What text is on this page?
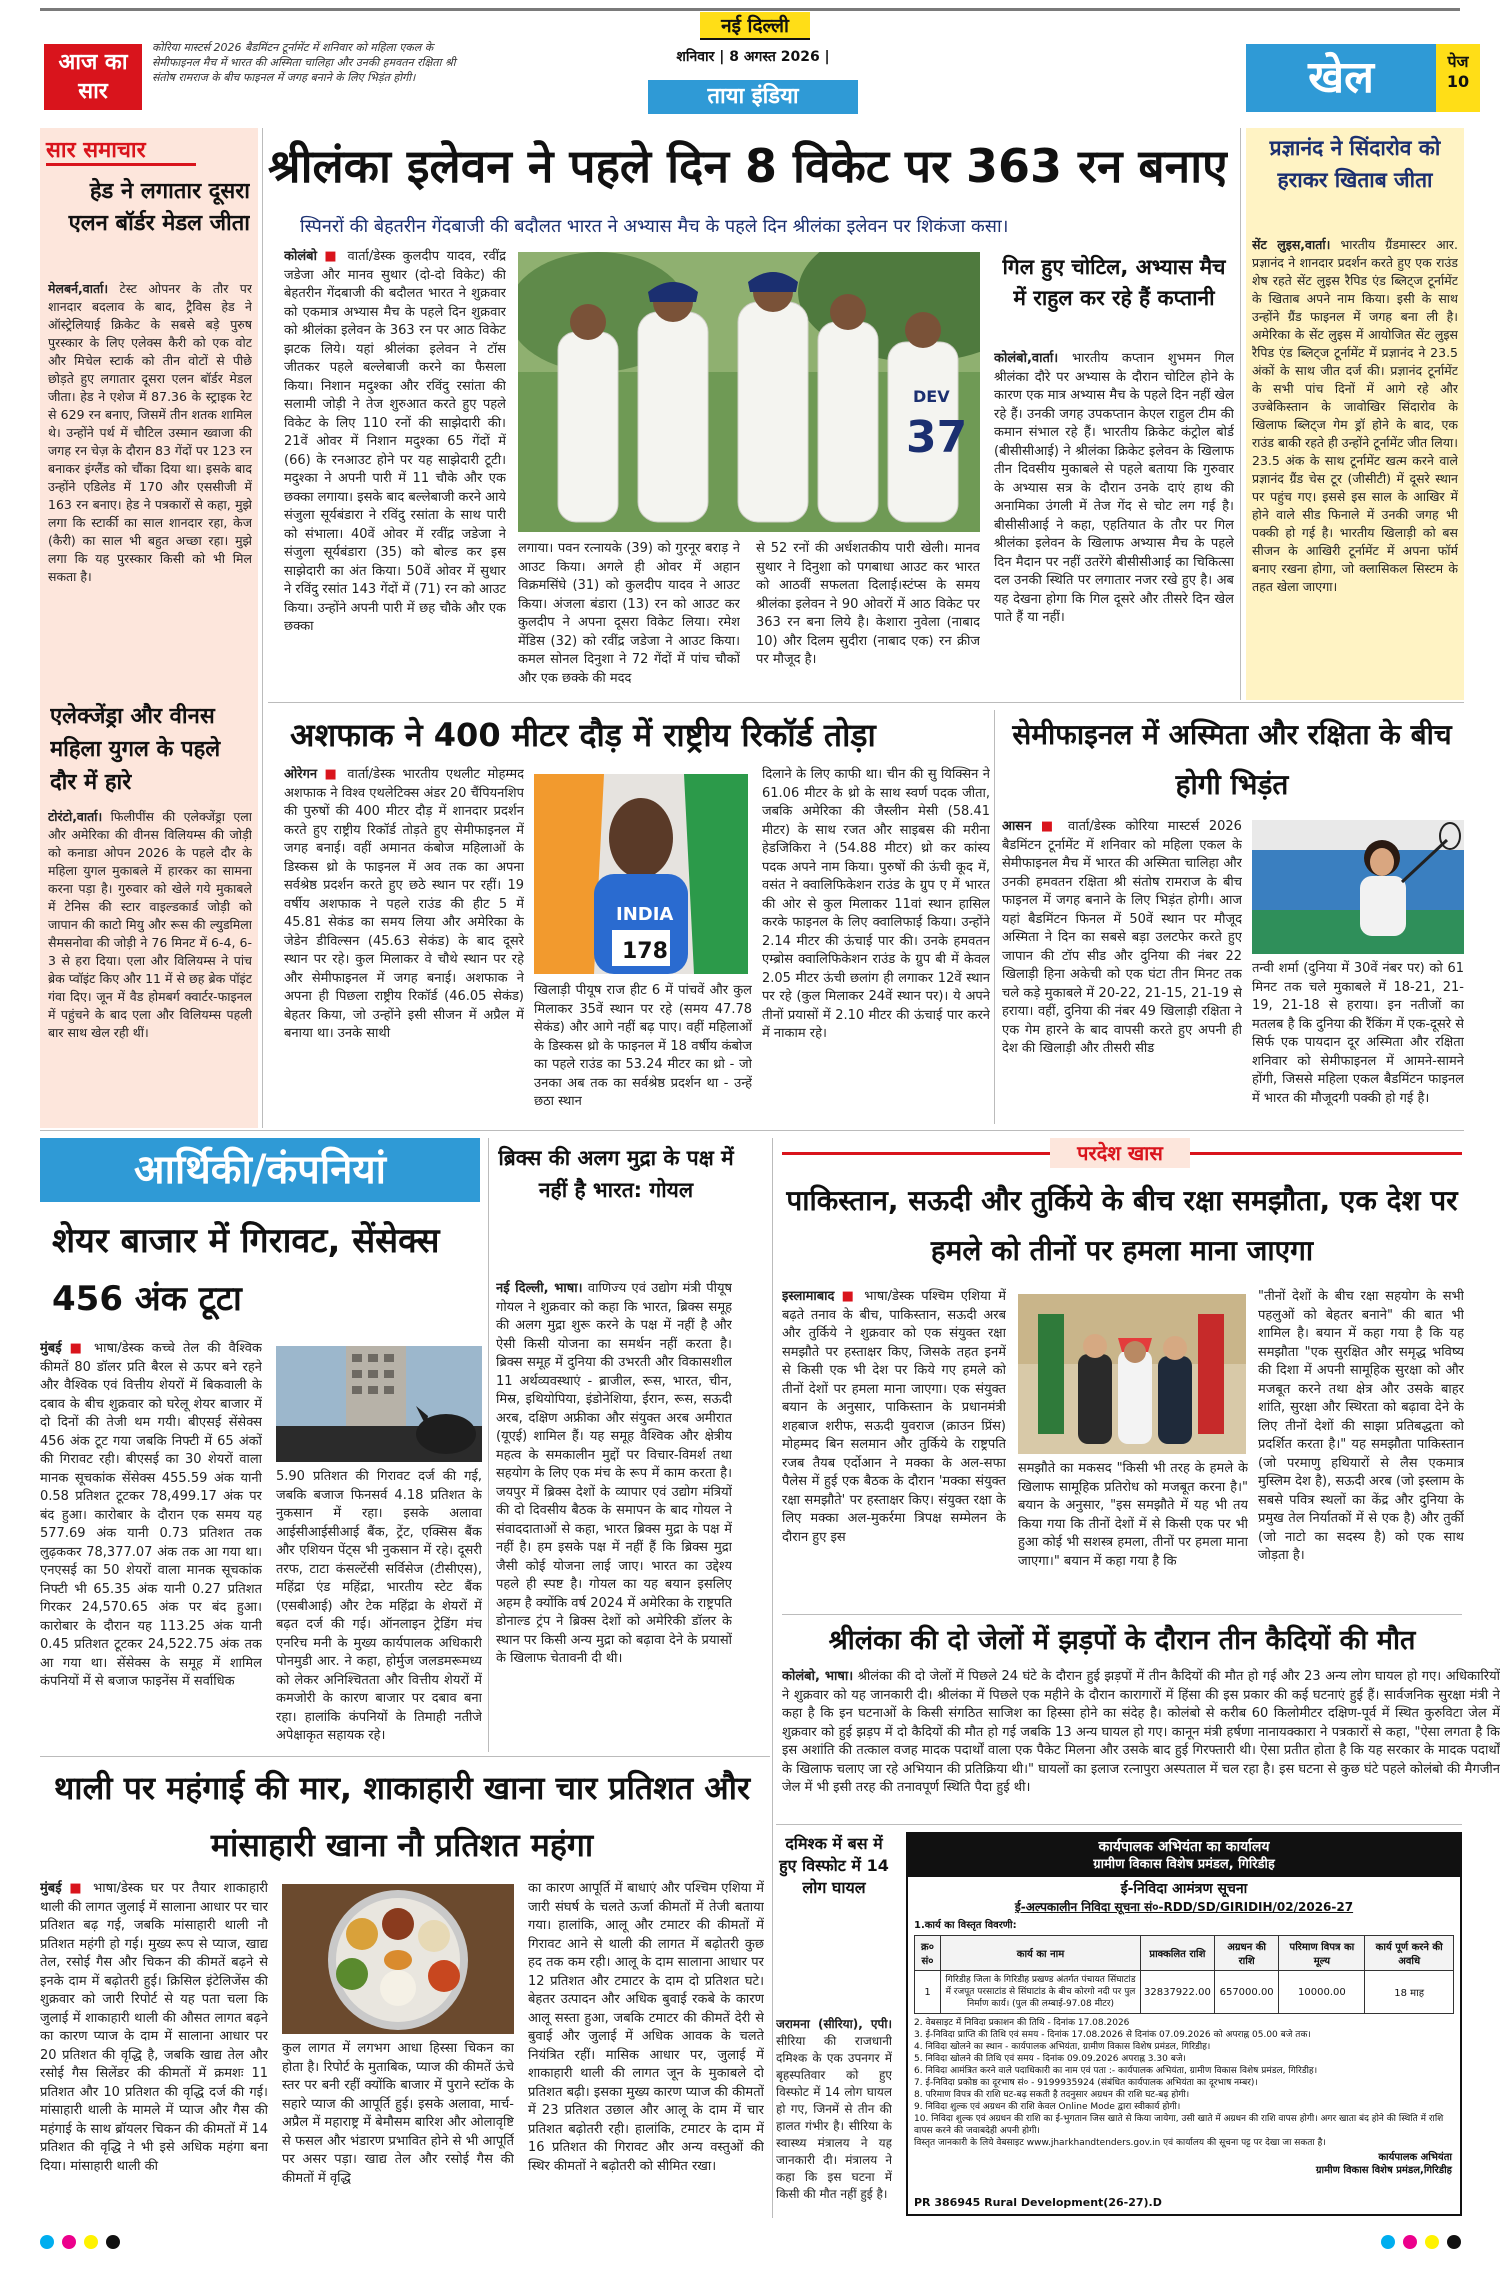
आज का सार
कोरिया मास्टर्स 2026 बैडमिंटन टूर्नामेंट में शनिवार को महिला एकल के सेमीफाइनल मैच में भारत की अस्मिता चालिहा और उनकी हमवतन रक्षिता श्री संतोष रामराज के बीच फाइनल में जगह बनाने के लिए भिड़ंत होगी।
नई दिल्ली
शनिवार | 8 अगस्त 2026 |
ताया इंडिया	खेल	पेज
10
सार समाचार
हेड ने लगातार दूसरा एलन बॉर्डर मेडल जीता
मेलबर्न,वार्ता। टेस्ट ओपनर के तौर पर शानदार बदलाव के बाद, ट्रैविस हेड ने ऑस्ट्रेलियाई क्रिकेट के सबसे बड़े पुरुष पुरस्कार के लिए एलेक्स कैरी को एक वोट और मिचेल स्टार्क को तीन वोटों से पीछे छोड़ते हुए लगातार दूसरा एलन बॉर्डर मेडल जीता। हेड ने एशेज में 87.36 के स्ट्राइक रेट से 629 रन बनाए, जिसमें तीन शतक शामिल थे। उन्होंने पर्थ में चौटिल उस्मान ख्वाजा की जगह रन चेज़ के दौरान 83 गेंदों पर 123 रन बनाकर इंग्लैंड को चौंका दिया था। इसके बाद उन्होंने एडिलेड में 170 और एससीजी में 163 रन बनाए। हेड ने पत्रकारों से कहा, मुझे लगा कि स्टार्की का साल शानदार रहा, केज (कैरी) का साल भी बहुत अच्छा रहा। मुझे लगा कि यह पुरस्कार किसी को भी मिल सकता है।
एलेक्जेंड्रा और वीनस महिला युगल के पहले दौर में हारे
टोरंटो,वार्ता। फिलीपींस की एलेक्जेंड्रा एला और अमेरिका की वीनस विलियम्स की जोड़ी को कनाडा ओपन 2026 के पहले दौर के महिला युगल मुकाबले में हारकर का सामना करना पड़ा है। गुरुवार को खेले गये मुकाबले में टेनिस की स्टार वाइल्डकार्ड जोड़ी को जापान की काटो मियु और रूस की ल्युडमिला सैमसनोवा की जोड़ी ने 76 मिनट में 6-4, 6-3 से हरा दिया। एला और विलियम्स ने पांच ब्रेक प्वॉइंट किए और 11 में से छह ब्रेक पॉइंट गंवा दिए। जून में वैड होमबर्ग क्वार्टर-फाइनल में पहुंचने के बाद एला और विलियम्स पहली बार साथ खेल रही थीं।
श्रीलंका इलेवन ने पहले दिन 8 विकेट पर 363 रन बनाए
स्पिनरों की बेहतरीन गेंदबाजी की बदौलत भारत ने अभ्यास मैच के पहले दिन श्रीलंका इलेवन पर शिकंजा कसा।
कोलंबो ■ वार्ता/डेस्क कुलदीप यादव, रवींद्र जडेजा और मानव सुथार (दो-दो विकेट) की बेहतरीन गेंदबाजी की बदौलत भारत ने शुक्रवार को एकमात्र अभ्यास मैच के पहले दिन शुक्रवार को श्रीलंका इलेवन के 363 रन पर आठ विकेट झटक लिये। यहां श्रीलंका इलेवन ने टॉस जीतकर पहले बल्लेबाजी करने का फैसला किया। निशान मदुश्का और रविंदु रसांता की सलामी जोड़ी ने तेज शुरुआत करते हुए पहले विकेट के लिए 110 रनों की साझेदारी की। 21वें ओवर में निशान मदुश्का 65 गेंदों में (66) के रनआउट होने पर यह साझेदारी टूटी। मदुश्का ने अपनी पारी में 11 चौके और एक छक्का लगाया। इसके बाद बल्लेबाजी करने आये संजुला सूर्यबंडारा ने रविंदु रसांता के साथ पारी को संभाला। 40वें ओवर में रवींद्र जडेजा ने संजुला सूर्यबंडारा (35) को बोल्ड कर इस साझेदारी का अंत किया। 50वें ओवर में सुथार ने रविंदु रसांत 143 गेंदों में (71) रन को आउट किया। उन्होंने अपनी पारी में छह चौके और एक छक्का
DEV
37
लगाया। पवन रत्नायके (39) को गुरनूर बराड़ ने आउट किया। अगले ही ओवर में अहान विक्रमसिंघे (31) को कुलदीप यादव ने आउट किया। अंजला बंडारा (13) रन को आउट कर कुलदीप ने अपना दूसरा विकेट लिया। रमेश मेंडिस (32) को रवींद्र जडेजा ने आउट किया। कमल सोनल दिनुशा ने 72 गेंदों में पांच चौकों और एक छक्के की मदद
से 52 रनों की अर्धशतकीय पारी खेली। मानव सुथार ने दिनुशा को पगबाधा आउट कर भारत को आठवीं सफलता दिलाई।स्टंप्स के समय श्रीलंका इलेवन ने 90 ओवरों में आठ विकेट पर 363 रन बना लिये है। केशारा नुवेला (नाबाद 10) और दिलम सुदीरा (नाबाद एक) रन क्रीज पर मौजूद है।
गिल हुए चोटिल, अभ्यास मैच में राहुल कर रहे हैं कप्तानी
कोलंबो,वार्ता। भारतीय कप्तान शुभमन गिल श्रीलंका दौरे पर अभ्यास के दौरान चोटिल होने के कारण एक मात्र अभ्यास मैच के पहले दिन नहीं खेल रहे हैं। उनकी जगह उपकप्तान केएल राहुल टीम की कमान संभाल रहे हैं। भारतीय क्रिकेट कंट्रोल बोर्ड (बीसीसीआई) ने श्रीलंका क्रिकेट इलेवन के खिलाफ तीन दिवसीय मुकाबले से पहले बताया कि गुरुवार के अभ्यास सत्र के दौरान उनके दाएं हाथ की अनामिका उंगली में तेज गेंद से चोट लग गई है। बीसीसीआई ने कहा, एहतियात के तौर पर गिल श्रीलंका इलेवन के खिलाफ अभ्यास मैच के पहले दिन मैदान पर नहीं उतरेंगे बीसीसीआई का चिकित्सा दल उनकी स्थिति पर लगातार नजर रखे हुए है। अब यह देखना होगा कि गिल दूसरे और तीसरे दिन खेल पाते हैं या नहीं।
प्रज्ञानंद ने सिंदारोव को हराकर खिताब जीता
सेंट लुइस,वार्ता। भारतीय ग्रैंडमास्टर आर. प्रज्ञानंद ने शानदार प्रदर्शन करते हुए एक राउंड शेष रहते सेंट लुइस रैपिड एंड ब्लिट्ज टूर्नामेंट के खिताब अपने नाम किया। इसी के साथ उन्होंने ग्रैंड फाइनल में जगह बना ली है। अमेरिका के सेंट लुइस में आयोजित सेंट लुइस रैपिड एंड ब्लिट्ज टूर्नामेंट में प्रज्ञानंद ने 23.5 अंकों के साथ जीत दर्ज की। प्रज्ञानंद टूर्नामेंट के सभी पांच दिनों में आगे रहे और उज्बेकिस्तान के जावोखिर सिंदारोव के खिलाफ ब्लिट्ज गेम ड्रॉ होने के बाद, एक राउंड बाकी रहते ही उन्होंने टूर्नामेंट जीत लिया। 23.5 अंक के साथ टूर्नामेंट खत्म करने वाले प्रज्ञानंद ग्रैंड चेस टूर (जीसीटी) में दूसरे स्थान पर पहुंच गए। इससे इस साल के आखिर में होने वाले सीड फिनाले में उनकी जगह भी पक्की हो गई है। भारतीय खिलाड़ी को बस सीजन के आखिरी टूर्नामेंट में अपना फॉर्म बनाए रखना होगा, जो क्लासिकल सिस्टम के तहत खेला जाएगा।
अशफाक ने 400 मीटर दौड़ में राष्ट्रीय रिकॉर्ड तोड़ा
ओरेगन ■ वार्ता/डेस्क भारतीय एथलीट मोहम्मद अशफाक ने विश्व एथलेटिक्स अंडर 20 चैंपियनशिप की पुरुषों की 400 मीटर दौड़ में शानदार प्रदर्शन करते हुए राष्ट्रीय रिकॉर्ड तोड़ते हुए सेमीफाइनल में जगह बनाई। वहीं अमानत कंबोज महिलाओं के डिस्कस थ्रो के फाइनल में अव तक का अपना सर्वश्रेष्ठ प्रदर्शन करते हुए छठे स्थान पर रहीं। 19 वर्षीय अशफाक ने पहले राउंड की हीट 5 में 45.81 सेकंड का समय लिया और अमेरिका के जेडेन डीविल्सन (45.63 सेकंड) के बाद दूसरे स्थान पर रहे। कुल मिलाकर वे चौथे स्थान पर रहे और सेमीफाइनल में जगह बनाई। अशफाक ने अपना ही पिछला राष्ट्रीय रिकॉर्ड (46.05 सेकंड) बेहतर किया, जो उन्होंने इसी सीजन में अप्रैल में बनाया था। उनके साथी
INDIA
178
खिलाड़ी पीयूष राज हीट 6 में पांचवें और कुल मिलाकर 35वें स्थान पर रहे (समय 47.78 सेकंड) और आगे नहीं बढ़ पाए। वहीं महिलाओं के डिस्कस थ्रो के फाइनल में 18 वर्षीय कंबोज का पहले राउंड का 53.24 मीटर का थ्रो - जो उनका अब तक का सर्वश्रेष्ठ प्रदर्शन था - उन्हें छठा स्थान
दिलाने के लिए काफी था। चीन की सु यिक्सिन ने 61.06 मीटर के थ्रो के साथ स्वर्ण पदक जीता, जबकि अमेरिका की जैस्लीन मेसी (58.41 मीटर) के साथ रजत और साइबस की मरीना हेडजिकिरा ने (54.88 मीटर) थ्रो कर कांस्य पदक अपने नाम किया। पुरुषों की ऊंची कूद में, वसंत ने क्वालिफिकेशन राउंड के ग्रुप ए में भारत की ओर से कुल मिलाकर 11वां स्थान हासिल करके फाइनल के लिए क्वालिफाई किया। उन्होंने 2.14 मीटर की ऊंचाई पार की। उनके हमवतन एम्ब्रोस क्वालिफिकेशन राउंड के ग्रुप बी में केवल 2.05 मीटर ऊंची छलांग ही लगाकर 12वें स्थान पर रहे (कुल मिलाकर 24वें स्थान पर)। ये अपने तीनों प्रयासों में 2.10 मीटर की ऊंचाई पार करने में नाकाम रहे।
सेमीफाइनल में अस्मिता और रक्षिता के बीच होगी भिड़ंत
आसन ■ वार्ता/डेस्क कोरिया मास्टर्स 2026 बैडमिंटन टूर्नामेंट में शनिवार को महिला एकल के सेमीफाइनल मैच में भारत की अस्मिता चालिहा और उनकी हमवतन रक्षिता श्री संतोष रामराज के बीच फाइनल में जगह बनाने के लिए भिड़ंत होगी। आज यहां बैडमिंटन फिनल में 50वें स्थान पर मौजूद अस्मिता ने दिन का सबसे बड़ा उलटफेर करते हुए जापान की टॉप सीड और दुनिया की नंबर 22 खिलाड़ी हिना अकेची को एक घंटा तीन मिनट तक चले कड़े मुकाबले में 20-22, 21-15, 21-19 से हराया। वहीं, दुनिया की नंबर 49 खिलाड़ी रक्षिता ने एक गेम हारने के बाद वापसी करते हुए अपनी ही देश की खिलाड़ी और तीसरी सीड
तन्वी शर्मा (दुनिया में 30वें नंबर पर) को 61 मिनट तक चले मुकाबले में 18-21, 21-19, 21-18 से हराया। इन नतीजों का मतलब है कि दुनिया की रैंकिंग में एक-दूसरे से सिर्फ एक पायदान दूर अस्मिता और रक्षिता शनिवार को सेमीफाइनल में आमने-सामने होंगी, जिससे महिला एकल बैडमिंटन फाइनल में भारत की मौजूदगी पक्की हो गई है।
आर्थिकी/कंपनियां
शेयर बाजार में गिरावट, सेंसेक्स 456 अंक टूटा
मुंबई ■ भाषा/डेस्क कच्चे तेल की वैश्विक कीमतें 80 डॉलर प्रति बैरल से ऊपर बने रहने और वैश्विक एवं वित्तीय शेयरों में बिकवाली के दबाव के बीच शुक्रवार को घरेलू शेयर बाजार में दो दिनों की तेजी थम गयी। बीएसई सेंसेक्स 456 अंक टूट गया जबकि निफ्टी में 65 अंकों की गिरावट रही। बीएसई का 30 शेयरों वाला मानक सूचकांक सेंसेक्स 455.59 अंक यानी 0.58 प्रतिशत टूटकर 78,499.17 अंक पर बंद हुआ। कारोबार के दौरान एक समय यह 577.69 अंक यानी 0.73 प्रतिशत तक लुढ़ककर 78,377.07 अंक तक आ गया था। एनएसई का 50 शेयरों वाला मानक सूचकांक निफ्टी भी 65.35 अंक यानी 0.27 प्रतिशत गिरकर 24,570.65 अंक पर बंद हुआ। कारोबार के दौरान यह 113.25 अंक यानी 0.45 प्रतिशत टूटकर 24,522.75 अंक तक आ गया था। सेंसेक्स के समूह में शामिल कंपनियों में से बजाज फाइनेंस में सर्वाधिक
5.90 प्रतिशत की गिरावट दर्ज की गई, जबकि बजाज फिनसर्व 4.18 प्रतिशत के नुकसान में रहा। इसके अलावा आईसीआईसीआई बैंक, ट्रेंट, एक्सिस बैंक और एशियन पेंट्स भी नुकसान में रहे। दूसरी तरफ, टाटा कंसल्टेंसी सर्विसेज (टीसीएस), महिंद्रा एंड महिंद्रा, भारतीय स्टेट बैंक (एसबीआई) और टेक महिंद्रा के शेयरों में बढ़त दर्ज की गई। ऑनलाइन ट्रेडिंग मंच एनरिच मनी के मुख्य कार्यपालक अधिकारी पोनमुडी आर. ने कहा, होर्मुज जलडमरूमध्य को लेकर अनिश्चितता और वित्तीय शेयरों में कमजोरी के कारण बाजार पर दबाव बना रहा। हालांकि कंपनियों के तिमाही नतीजे अपेक्षाकृत सहायक रहे।
ब्रिक्स की अलग मुद्रा के पक्ष में नहीं है भारत: गोयल
नई दिल्ली, भाषा। वाणिज्य एवं उद्योग मंत्री पीयूष गोयल ने शुक्रवार को कहा कि भारत, ब्रिक्स समूह की अलग मुद्रा शुरू करने के पक्ष में नहीं है और ऐसी किसी योजना का समर्थन नहीं करता है। ब्रिक्स समूह में दुनिया की उभरती और विकासशील 11 अर्थव्यवस्थाएं - ब्राजील, रूस, भारत, चीन, मिस्र, इथियोपिया, इंडोनेशिया, ईरान, रूस, सऊदी अरब, दक्षिण अफ्रीका और संयुक्त अरब अमीरात (यूएई) शामिल हैं। यह समूह वैश्विक और क्षेत्रीय महत्व के समकालीन मुद्दों पर विचार-विमर्श तथा सहयोग के लिए एक मंच के रूप में काम करता है। जयपुर में ब्रिक्स देशों के व्यापार एवं उद्योग मंत्रियों की दो दिवसीय बैठक के समापन के बाद गोयल ने संवाददाताओं से कहा, भारत ब्रिक्स मुद्रा के पक्ष में नहीं है। हम इसके पक्ष में नहीं हैं कि ब्रिक्स मुद्रा जैसी कोई योजना लाई जाए। भारत का उद्देश्य पहले ही स्पष्ट है। गोयल का यह बयान इसलिए अहम है क्योंकि वर्ष 2024 में अमेरिका के राष्ट्रपति डोनाल्ड ट्रंप ने ब्रिक्स देशों को अमेरिकी डॉलर के स्थान पर किसी अन्य मुद्रा को बढ़ावा देने के प्रयासों के खिलाफ चेतावनी दी थी।
परदेश खास
पाकिस्तान, सऊदी और तुर्किये के बीच रक्षा समझौता, एक देश पर हमले को तीनों पर हमला माना जाएगा
इस्लामाबाद ■ भाषा/डेस्क पश्चिम एशिया में बढ़ते तनाव के बीच, पाकिस्तान, सऊदी अरब और तुर्किये ने शुक्रवार को एक संयुक्त रक्षा समझौते पर हस्ताक्षर किए, जिसके तहत इनमें से किसी एक भी देश पर किये गए हमले को तीनों देशों पर हमला माना जाएगा। एक संयुक्त बयान के अनुसार, पाकिस्तान के प्रधानमंत्री शहबाज शरीफ, सऊदी युवराज (क्राउन प्रिंस) मोहम्मद बिन सलमान और तुर्किये के राष्ट्रपति रजब तैयब एर्दोआन ने मक्का के अल-सफा पैलेस में हुई एक बैठक के दौरान 'मक्का संयुक्त रक्षा समझौते' पर हस्ताक्षर किए। संयुक्त रक्षा के लिए मक्का अल-मुकर्रमा त्रिपक्ष सम्मेलन के दौरान हुए इस
समझौते का मकसद "किसी भी तरह के हमले के खिलाफ सामूहिक प्रतिरोध को मजबूत करना है।" बयान के अनुसार, "इस समझौते में यह भी तय किया गया कि तीनों देशों में से किसी एक पर भी हुआ कोई भी सशस्त्र हमला, तीनों पर हमला माना जाएगा।" बयान में कहा गया है कि
"तीनों देशों के बीच रक्षा सहयोग के सभी पहलुओं को बेहतर बनाने" की बात भी शामिल है। बयान में कहा गया है कि यह समझौता "एक सुरक्षित और समृद्ध भविष्य की दिशा में अपनी सामूहिक सुरक्षा को और मजबूत करने तथा क्षेत्र और उसके बाहर शांति, सुरक्षा और स्थिरता को बढ़ावा देने के लिए तीनों देशों की साझा प्रतिबद्धता को प्रदर्शित करता है।" यह समझौता पाकिस्तान (जो परमाणु हथियारों से लैस एकमात्र मुस्लिम देश है), सऊदी अरब (जो इस्लाम के सबसे पवित्र स्थलों का केंद्र और दुनिया के प्रमुख तेल निर्यातकों में से एक है) और तुर्की (जो नाटो का सदस्य है) को एक साथ जोड़ता है।
श्रीलंका की दो जेलों में झड़पों के दौरान तीन कैदियों की मौत
कोलंबो, भाषा। श्रीलंका की दो जेलों में पिछले 24 घंटे के दौरान हुई झड़पों में तीन कैदियों की मौत हो गई और 23 अन्य लोग घायल हो गए। अधिकारियों ने शुक्रवार को यह जानकारी दी। श्रीलंका में पिछले एक महीने के दौरान कारागारों में हिंसा की इस प्रकार की कई घटनाएं हुई हैं। सार्वजनिक सुरक्षा मंत्री ने कहा है कि इन घटनाओं के किसी संगठित साजिश का हिस्सा होने का संदेह है। कोलंबो से करीब 60 किलोमीटर दक्षिण-पूर्व में स्थित कुरुविटा जेल में शुक्रवार को हुई झड़प में दो कैदियों की मौत हो गई जबकि 13 अन्य घायल हो गए। कानून मंत्री हर्षणा नानायक्कारा ने पत्रकारों से कहा, "ऐसा लगता है कि इस अशांति की तत्काल वजह मादक पदार्थों वाला एक पैकेट मिलना और उसके बाद हुई गिरफ्तारी थी। ऐसा प्रतीत होता है कि यह सरकार के मादक पदार्थों के खिलाफ चलाए जा रहे अभियान की प्रतिक्रिया थी।" घायलों का इलाज रत्नापुरा अस्पताल में चल रहा है। इस घटना से कुछ घंटे पहले कोलंबो की मैगजीन जेल में भी इसी तरह की तनावपूर्ण स्थिति पैदा हुई थी।
थाली पर महंगाई की मार, शाकाहारी खाना चार प्रतिशत और मांसाहारी खाना नौ प्रतिशत महंगा
मुंबई ■ भाषा/डेस्क घर पर तैयार शाकाहारी थाली की लागत जुलाई में सालाना आधार पर चार प्रतिशत बढ़ गई, जबकि मांसाहारी थाली नौ प्रतिशत महंगी हो गई। मुख्य रूप से प्याज, खाद्य तेल, रसोई गैस और चिकन की कीमतें बढ़ने से इनके दाम में बढ़ोतरी हुई। क्रिसिल इंटेलिजेंस की शुक्रवार को जारी रिपोर्ट से यह पता चला कि जुलाई में शाकाहारी थाली की औसत लागत बढ़ने का कारण प्याज के दाम में सालाना आधार पर 20 प्रतिशत की वृद्धि है, जबकि खाद्य तेल और रसोई गैस सिलेंडर की कीमतों में क्रमशः 11 प्रतिशत और 10 प्रतिशत की वृद्धि दर्ज की गई। मांसाहारी थाली के मामले में प्याज और गैस की महंगाई के साथ ब्रॉयलर चिकन की कीमतों में 14 प्रतिशत की वृद्धि ने भी इसे अधिक महंगा बना दिया। मांसाहारी थाली की
कुल लागत में लगभग आधा हिस्सा चिकन का होता है। रिपोर्ट के मुताबिक, प्याज की कीमतें ऊंचे स्तर पर बनी रहीं क्योंकि बाजार में पुराने स्टॉक के सहारे प्याज की आपूर्ति हुई। इसके अलावा, मार्च-अप्रैल में महाराष्ट्र में बेमौसम बारिश और ओलावृष्टि से फसल और भंडारण प्रभावित होने से भी आपूर्ति पर असर पड़ा। खाद्य तेल और रसोई गैस की कीमतों में वृद्धि
का कारण आपूर्ति में बाधाएं और पश्चिम एशिया में जारी संघर्ष के चलते ऊर्जा कीमतों में तेजी बताया गया। हालांकि, आलू और टमाटर की कीमतों में गिरावट आने से थाली की लागत में बढ़ोतरी कुछ हद तक कम रही। आलू के दाम सालाना आधार पर 12 प्रतिशत और टमाटर के दाम दो प्रतिशत घटे। बेहतर उत्पादन और अधिक बुवाई रकबे के कारण आलू सस्ता हुआ, जबकि टमाटर की कीमतें देरी से बुवाई और जुलाई में अधिक आवक के चलते नियंत्रित रहीं। मासिक आधार पर, जुलाई में शाकाहारी थाली की लागत जून के मुकाबले दो प्रतिशत बढ़ी। इसका मुख्य कारण प्याज की कीमतों में 23 प्रतिशत उछाल और आलू के दाम में चार प्रतिशत बढ़ोतरी रही। हालांकि, टमाटर के दाम में 16 प्रतिशत की गिरावट और अन्य वस्तुओं की स्थिर कीमतों ने बढ़ोतरी को सीमित रखा।
दमिश्क में बस में हुए विस्फोट में 14 लोग घायल
जरामना (सीरिया), एपी। सीरिया की राजधानी दमिश्क के एक उपनगर में बृहस्पतिवार को हुए विस्फोट में 14 लोग घायल हो गए, जिनमें से तीन की हालत गंभीर है। सीरिया के स्वास्थ्य मंत्रालय ने यह जानकारी दी। मंत्रालय ने कहा कि इस घटना में किसी की मौत नहीं हुई है।
कार्यपालक अभियंता का कार्यालय
ग्रामीण विकास विशेष प्रमंडल, गिरिडीह
ई-निविदा आमंत्रण सूचना
ई-अल्पकालीन निविदा सूचना सं०-RDD/SD/GIRIDIH/02/2026-27
1.कार्य का विस्तृत विवरणी:
क्र० सं०	कार्य का नाम	प्राक्कलित राशि	अग्रधन की राशि	परिमाण विपत्र का मूल्य	कार्य पूर्ण करने की अवधि
1	गिरिडीह जिला के गिरिडीह प्रखण्ड अंतर्गत पंचायत सिंघाटांड में रजपूत परसाटांड से सिंघाटांड के बीच कोरगो नदी पर पुल निर्माण कार्य। (पुल की लम्बाई-97.08 मीटर)	32837922.00	657000.00	10000.00	18 माह
2. वेबसाइट में निविदा प्रकाशन की तिथि - दिनांक 17.08.2026
3. ई-निविदा प्राप्ति की तिथि एवं समय - दिनांक 17.08.2026 से दिनांक 07.09.2026 को अपराह्न 05.00 बजे तक।
4. निविदा खोलने का स्थान - कार्यपालक अभियंता, ग्रामीण विकास विशेष प्रमंडल, गिरिडीह।
5. निविदा खोलने की तिथि एवं समय - दिनांक 09.09.2026 अपराह्न 3.30 बजे।
6. निविदा आमंत्रित करने वाले पदाधिकारी का नाम एवं पता :- कार्यपालक अभियंता, ग्रामीण विकास विशेष प्रमंडल, गिरिडीह।
7. ई-निविदा प्रकोष्ठ का दूरभाष सं० - 9199935924 (संबंधित कार्यपालक अभियंता का दूरभाष नम्बर)।
8. परिमाण विपत्र की राशि घट-बढ़ सकती है तदनुसार अग्रधन की राशि घट-बढ़ होगी।
9. निविदा शुल्क एवं अग्रधन की राशि केवल Online Mode द्वारा स्वीकार्य होगी।
10. निविदा शुल्क एवं अग्रधन की राशि का ई-भुगतान जिस खाते से किया जायेगा, उसी खाते में अग्रधन की राशि वापस होगी। अगर खाता बंद होने की स्थिति में राशि वापस करने की जवाबदेही अपनी होगी।
विस्तृत जानकारी के लिये वेबसाइट www.jharkhandtenders.gov.in एवं कार्यालय की सूचना पट्ट पर देखा जा सकता है।
कार्यपालक अभियंता
ग्रामीण विकास विशेष प्रमंडल,गिरिडीह
PR 386945 Rural Development(26-27).D
